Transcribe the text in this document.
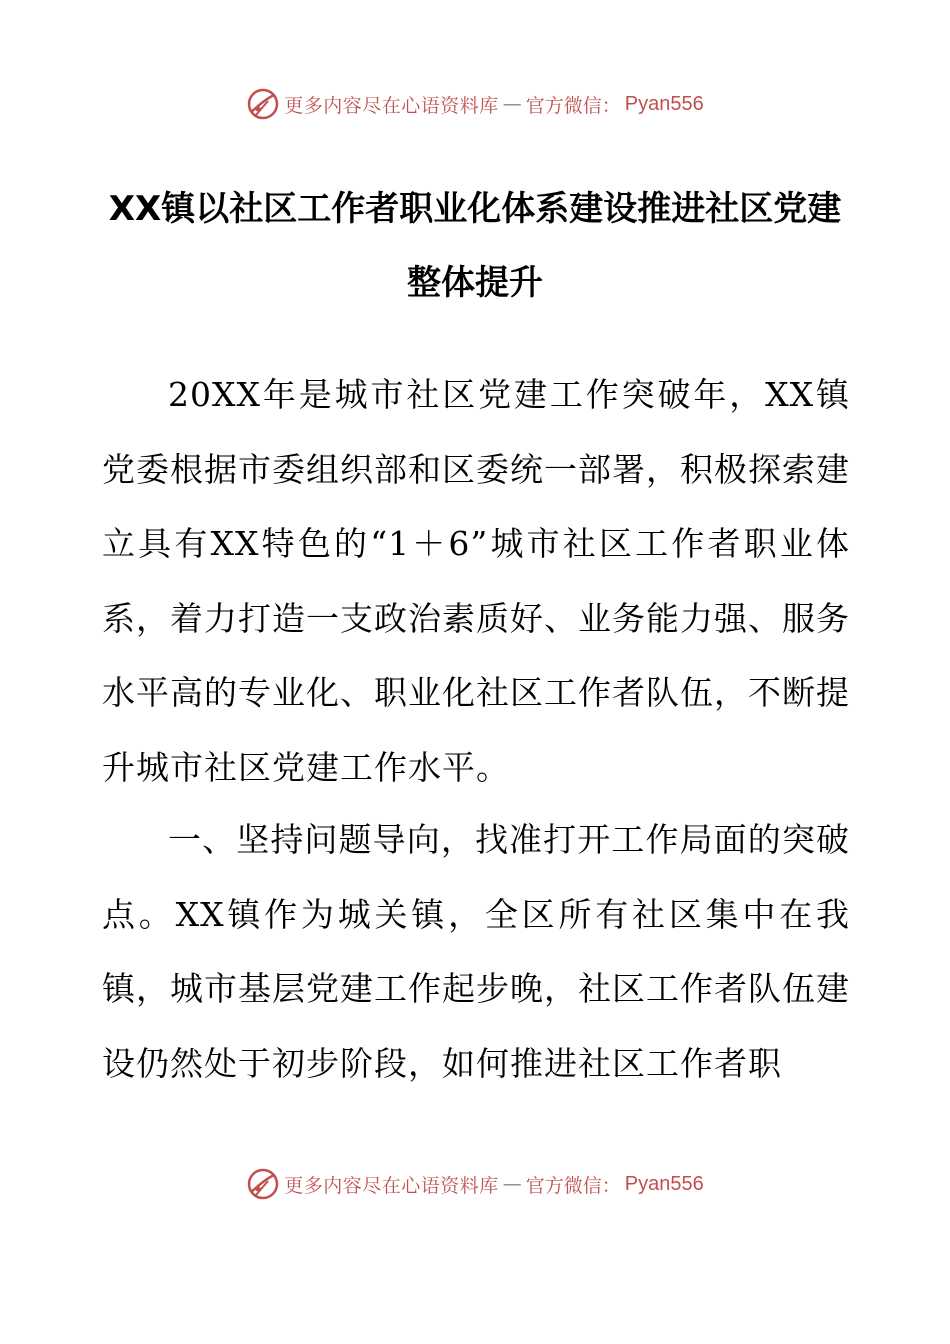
更多内容尽在心语资料库 — 官方微信： Pyan556
XX镇以社区工作者职业化体系建设推进社区党建整体提升

20XX年是城市社区党建工作突破年，XX镇党委根据市委组织部和区委统一部署，积极探索建立具有XX特色的“1＋6”城市社区工作者职业体系，着力打造一支政治素质好、业务能力强、服务水平高的专业化、职业化社区工作者队伍，不断提升城市社区党建工作水平。

一、坚持问题导向，找准打开工作局面的突破点。XX镇作为城关镇，全区所有社区集中在我镇，城市基层党建工作起步晚，社区工作者队伍建设仍然处于初步阶段，如何推进社区工作者职

更多内容尽在心语资料库 — 官方微信： Pyan556
